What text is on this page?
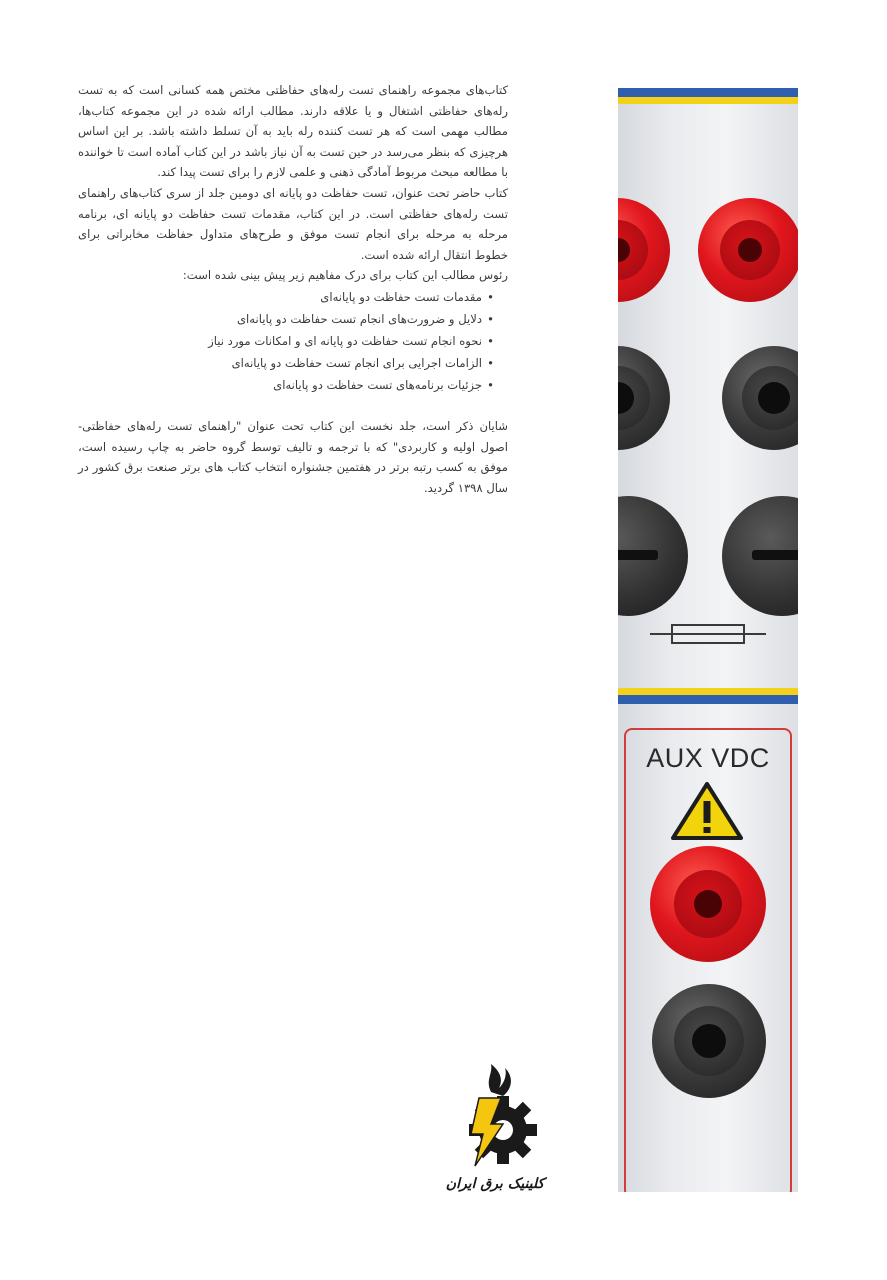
کتاب‌های مجموعه راهنمای تست رله‌های حفاظتی مختص همه کسانی است که به تست رله‌های حفاظتی اشتغال و یا علاقه دارند. مطالب ارائه شده در این مجموعه کتاب‌ها، مطالب مهمی است که هر تست کننده رله باید به آن تسلط داشته باشد. بر این اساس هرچیزی که بنظر می‌رسد در حین تست به آن نیاز باشد در این کتاب آماده است تا خواننده با مطالعه مبحث مربوط آمادگی ذهنی و علمی لازم را برای تست پیدا کند.

کتاب حاضر تحت عنوان، تست حفاظت دو پایانه ای دومین جلد از سری کتاب‌های راهنمای تست رله‌های حفاظتی است. در این کتاب، مقدمات تست حفاظت دو پایانه ای، برنامه مرحله به مرحله برای انجام تست موفق و طرح‌های متداول حفاظت مخابراتی برای خطوط انتقال ارائه شده است.

رئوس مطالب این کتاب برای درک مفاهیم زیر پیش بینی شده است:

• مقدمات تست حفاظت دو پایانه‌ای
• دلایل و ضرورت‌های انجام تست حفاظت دو پایانه‌ای
• نحوه انجام تست حفاظت دو پایانه ای و امکانات مورد نیاز
• الزامات اجرایی برای انجام تست حفاظت دو پایانه‌ای
• جزئیات برنامه‌های تست حفاظت دو پایانه‌ای

شایان ذکر است، جلد نخست این کتاب تحت عنوان "راهنمای تست رله‌های حفاظتی- اصول اولیه و کاربردی" که با ترجمه و تالیف توسط گروه حاضر به چاپ رسیده است، موفق به کسب رتبه برتر در هفتمین جشنواره انتخاب کتاب های برتر صنعت برق کشور در سال ۱۳۹۸ گردید.

AUX VDC
کلینیک برق ایران
